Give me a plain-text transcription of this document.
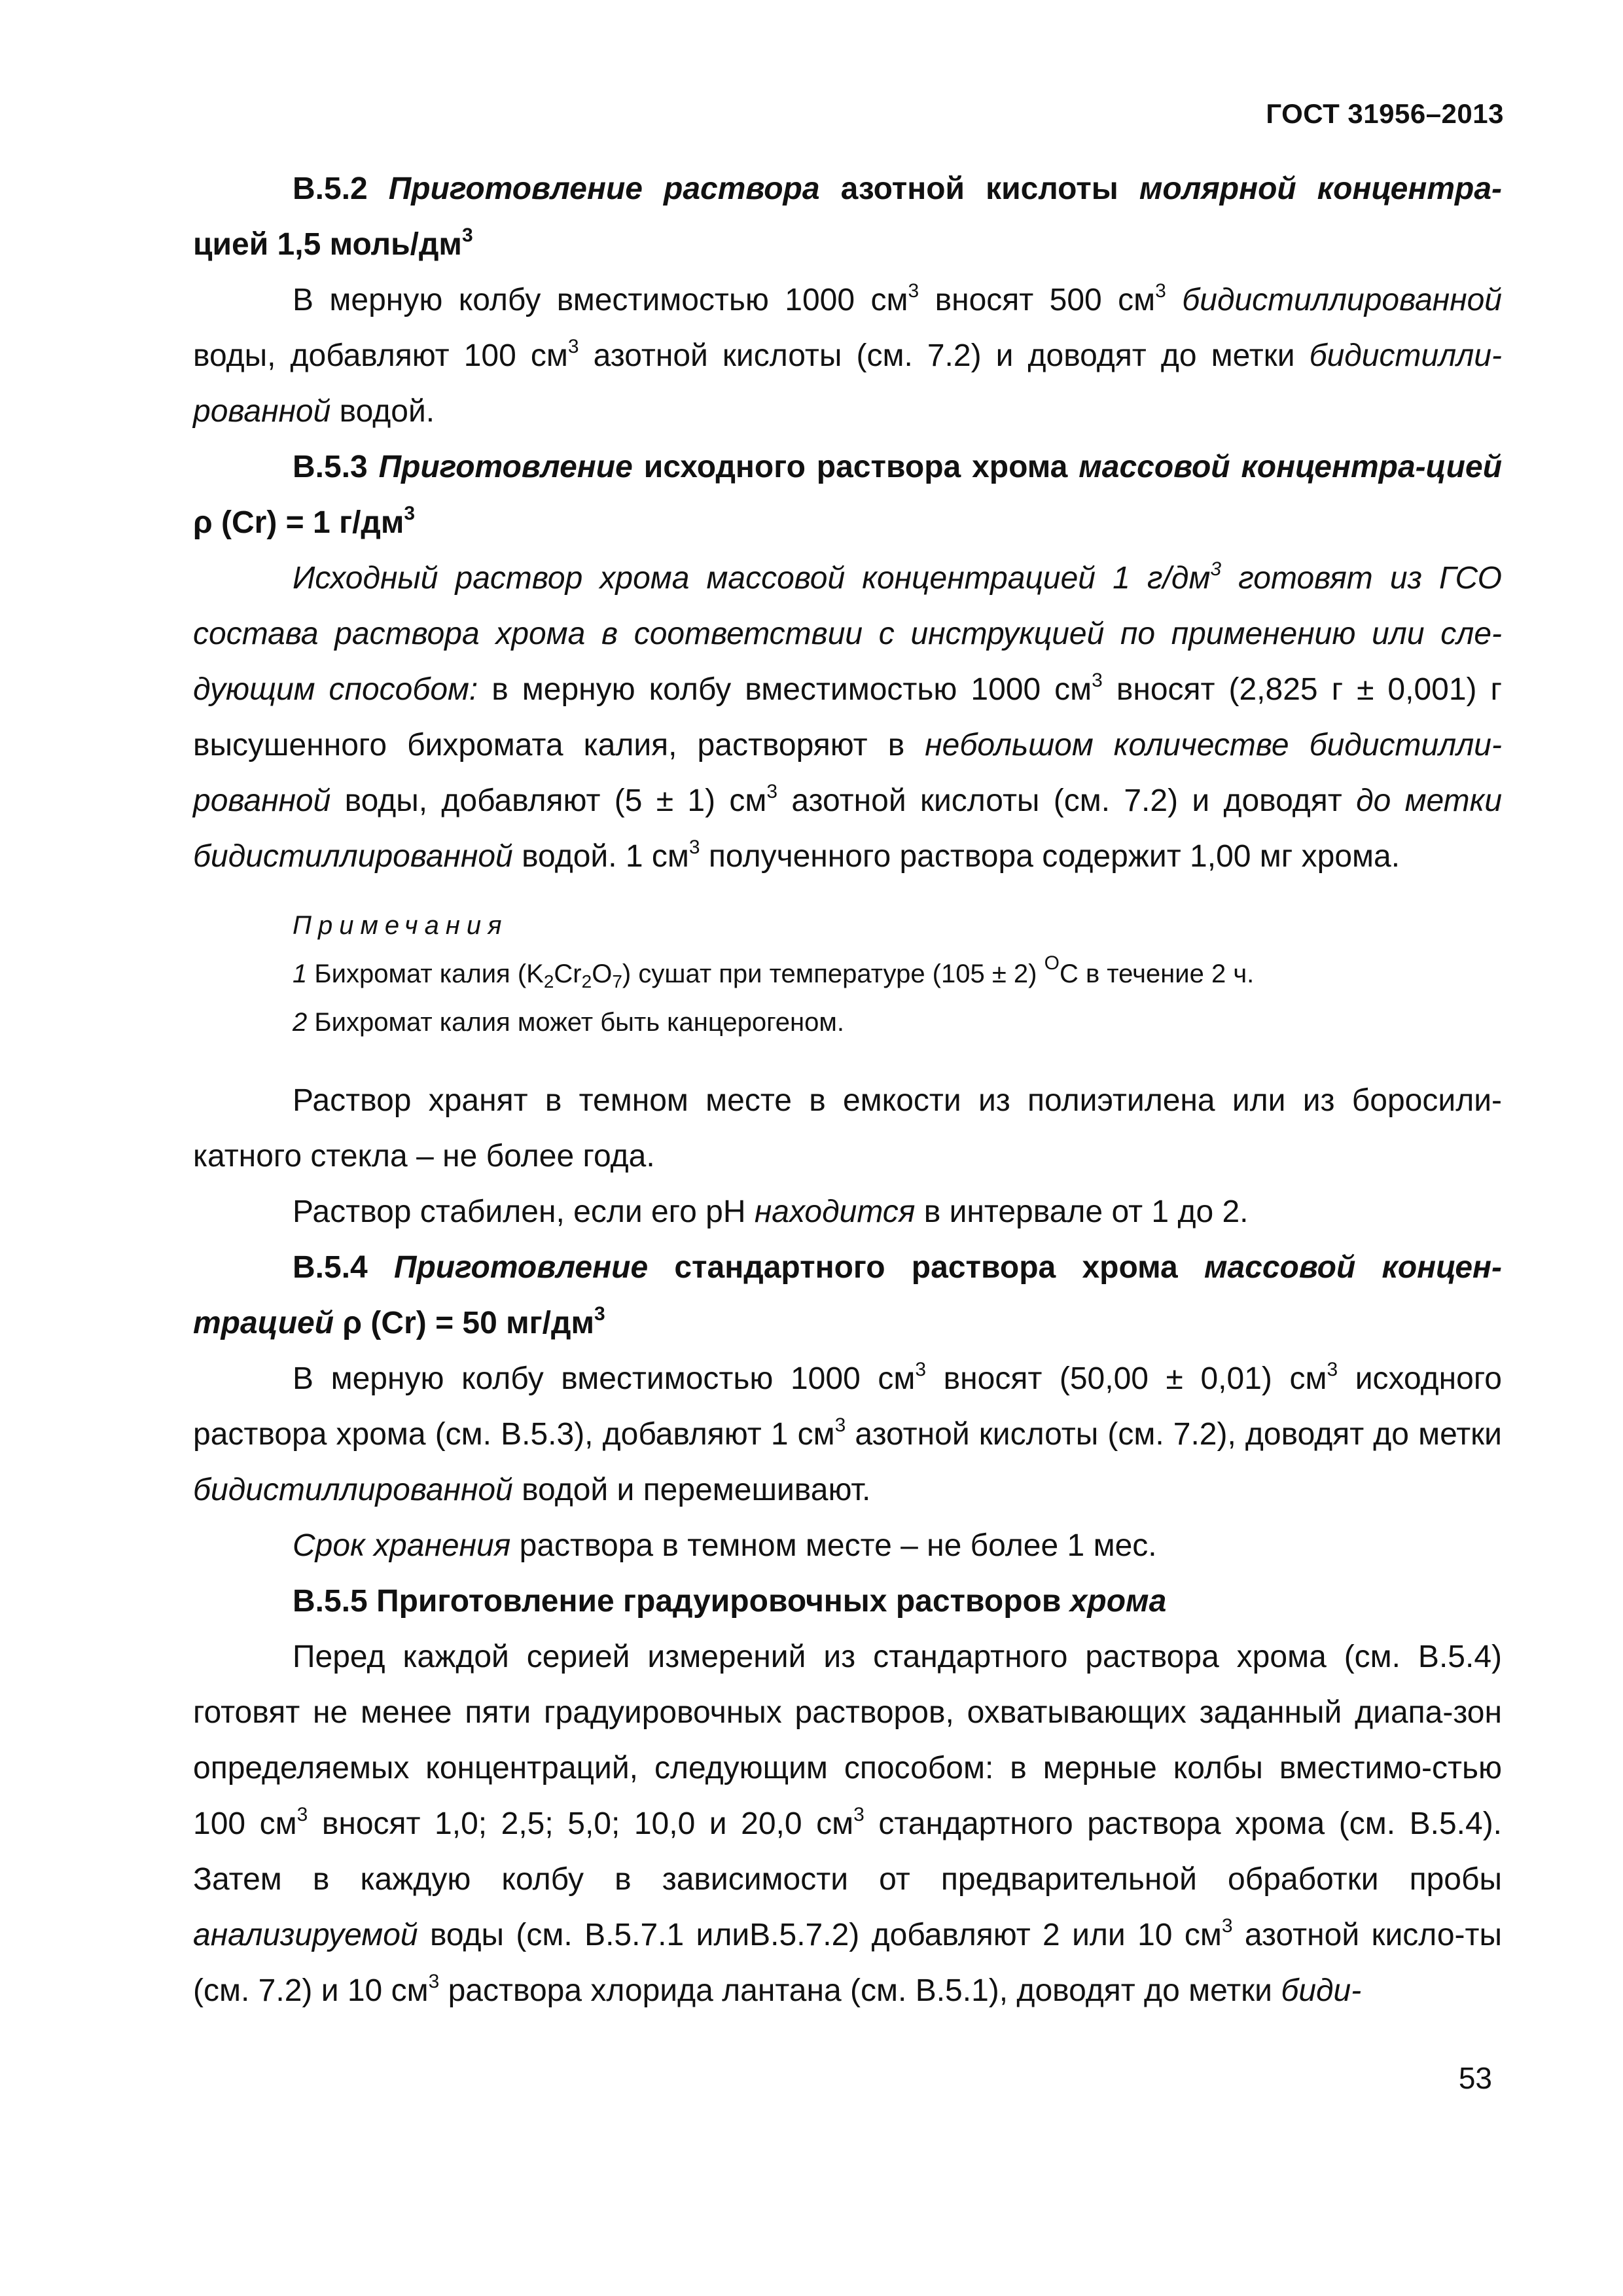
ГОСТ 31956–2013

В.5.2 Приготовление раствора азотной кислоты молярной концентра-цией 1,5 моль/$дм^3$

В мерную колбу вместимостью 1000 $см^3$ вносят 500 $см^3$ бидистиллированной воды, добавляют 100 $см^3$ азотной кислоты (см. 7.2) и доводят до метки бидистилли-рованной водой.

В.5.3 Приготовление исходного раствора хрома массовой концентра-цией ρ (Cr) = 1 $г/дм^3$

Исходный раствор хрома массовой концентрацией 1 $г/дм^3$ готовят из ГСО состава раствора хрома в соответствии с инструкцией по применению или сле-дующим способом: в мерную колбу вместимостью 1000 $см^3$ вносят (2,825 г ± 0,001) г высушенного бихромата калия, растворяют в небольшом количестве бидистилли-рованной воды, добавляют (5 ± 1) $см^3$ азотной кислоты (см. 7.2) и доводят до метки бидистиллированной водой. 1 $см^3$ полученного раствора содержит 1,00 мг хрома.

Примечания
1 Бихромат калия $(K_2Cr_2O_7)$ сушат при температуре (105 ± 2) $^O$С в течение 2 ч.
2 Бихромат калия может быть канцерогеном.

Раствор хранят в темном месте в емкости из полиэтилена или из боросили-катного стекла – не более года.

Раствор стабилен, если его pH находится в интервале от 1 до 2.

В.5.4 Приготовление стандартного раствора хрома массовой концен-трацией ρ (Cr) = 50 $мг/дм^3$

В мерную колбу вместимостью 1000 $см^3$ вносят (50,00 ± 0,01) $см^3$ исходного раствора хрома (см. В.5.3), добавляют 1 $см^3$ азотной кислоты (см. 7.2), доводят до метки бидистиллированной водой и перемешивают.

Срок хранения раствора в темном месте – не более 1 мес.

В.5.5 Приготовление градуировочных растворов хрома

Перед каждой серией измерений из стандартного раствора хрома (см. В.5.4) готовят не менее пяти градуировочных растворов, охватывающих заданный диапа-зон определяемых концентраций, следующим способом: в мерные колбы вместимо-стью 100 $см^3$ вносят 1,0; 2,5; 5,0; 10,0 и 20,0 $см^3$ стандартного раствора хрома (см. В.5.4). Затем в каждую колбу в зависимости от предварительной обработки пробы анализируемой воды (см. В.5.7.1 илиВ.5.7.2) добавляют 2 или 10 $см^3$ азотной кисло-ты (см. 7.2) и 10 $см^3$ раствора хлорида лантана (см. В.5.1), доводят до метки биди-

53
